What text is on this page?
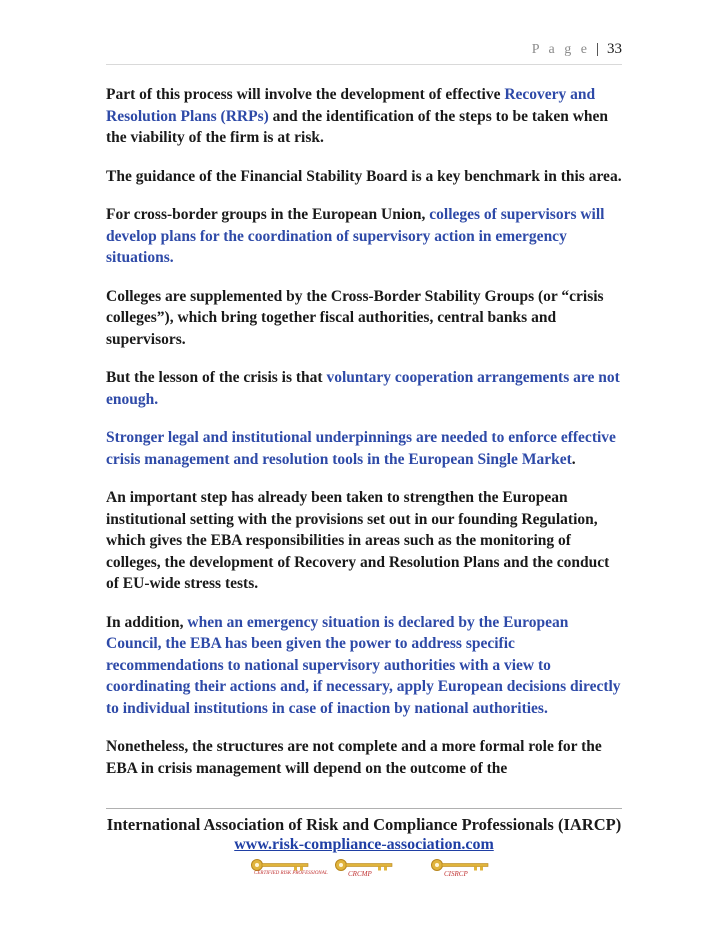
P a g e | 33

Part of this process will involve the development of effective Recovery and Resolution Plans (RRPs) and the identification of the steps to be taken when the viability of the firm is at risk.

The guidance of the Financial Stability Board is a key benchmark in this area.

For cross-border groups in the European Union, colleges of supervisors will develop plans for the coordination of supervisory action in emergency situations.

Colleges are supplemented by the Cross-Border Stability Groups (or “crisis colleges”), which bring together fiscal authorities, central banks and supervisors.

But the lesson of the crisis is that voluntary cooperation arrangements are not enough.

Stronger legal and institutional underpinnings are needed to enforce effective crisis management and resolution tools in the European Single Market.

An important step has already been taken to strengthen the European institutional setting with the provisions set out in our founding Regulation, which gives the EBA responsibilities in areas such as the monitoring of colleges, the development of Recovery and Resolution Plans and the conduct of EU-wide stress tests.

In addition, when an emergency situation is declared by the European Council, the EBA has been given the power to address specific recommendations to national supervisory authorities with a view to coordinating their actions and, if necessary, apply European decisions directly to individual institutions in case of inaction by national authorities.

Nonetheless, the structures are not complete and a more formal role for the EBA in crisis management will depend on the outcome of the

International Association of Risk and Compliance Professionals (IARCP)
www.risk-compliance-association.com
CERTIFIED RISK PROFESSIONAL	CRCMP	CISRCP
